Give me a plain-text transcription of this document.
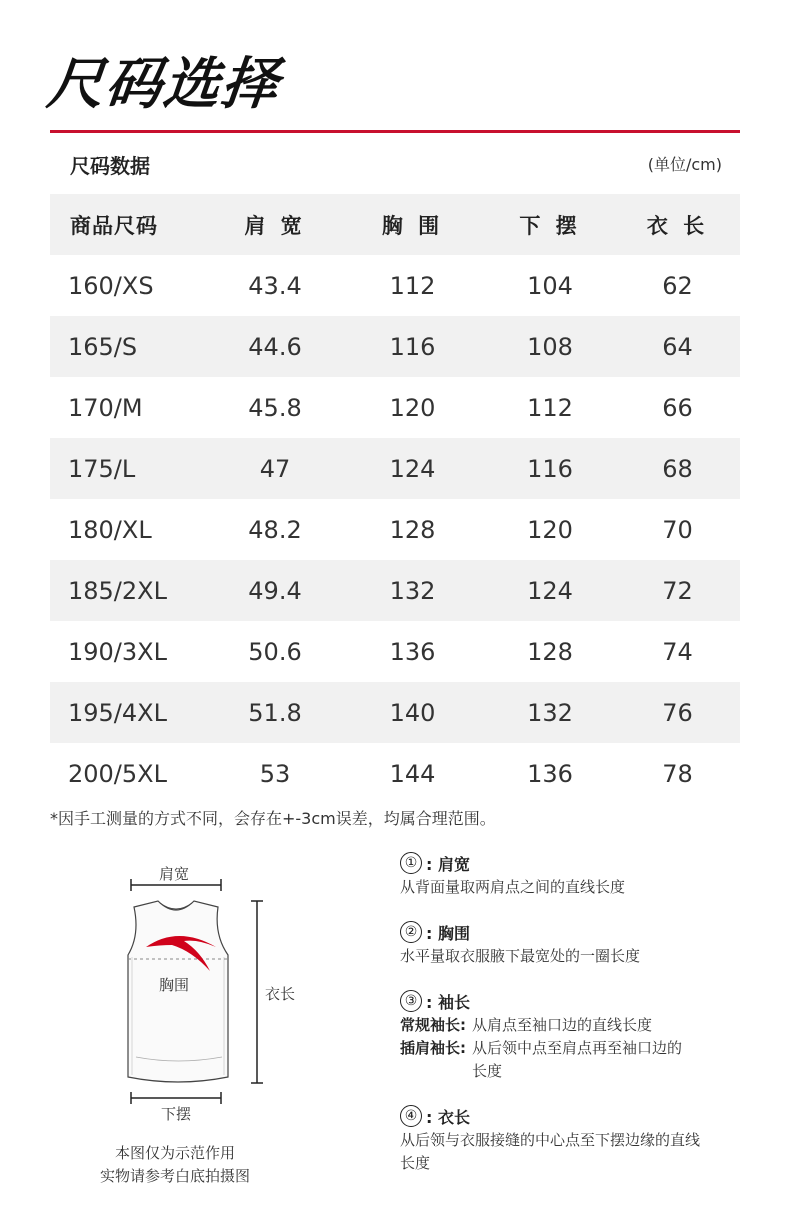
尺码选择
尺码数据	(单位/cm)
商品尺码	肩 宽	胸 围	下 摆	衣 长
160/XS	43.4	112	104	62
165/S	44.6	116	108	64
170/M	45.8	120	112	66
175/L	47	124	116	68
180/XL	48.2	128	120	70
185/2XL	49.4	132	124	72
190/3XL	50.6	136	128	74
195/4XL	51.8	140	132	76
200/5XL	53	144	136	78
*因手工测量的方式不同，会存在+-3cm误差，均属合理范围。
肩宽
胸围	衣长
下摆
本图仅为示范作用
实物请参考白底拍摄图
① : 肩宽
从背面量取两肩点之间的直线长度
② : 胸围
水平量取衣服腋下最宽处的一圈长度
③ : 袖长
常规袖长: 从肩点至袖口边的直线长度
插肩袖长: 从后领中点至肩点再至袖口边的长度
④ : 衣长
从后领与衣服接缝的中心点至下摆边缘的直线长度
